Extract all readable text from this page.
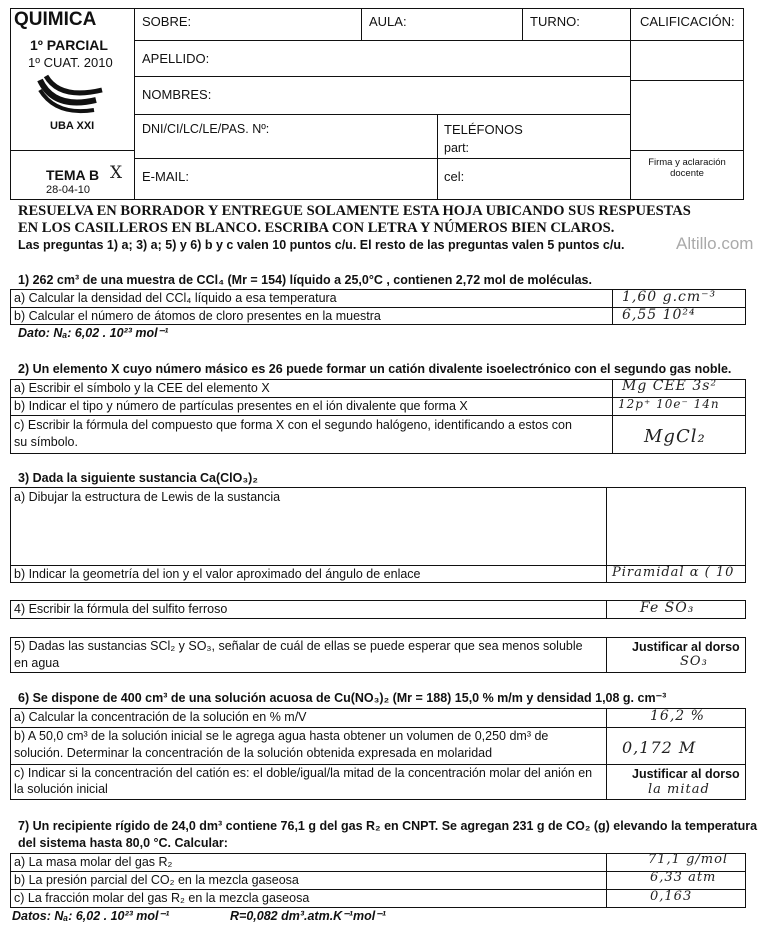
QUIMICA
1º PARCIAL
1º CUAT. 2010
UBA XXI
TEMA B X
28-04-10
SOBRE:	AULA:	TURNO:	CALIFICACIÓN:
APELLIDO:
NOMBRES:
DNI/CI/LC/LE/PAS. Nº:	TELÉFONOS
part:
E-MAIL:	cel:
Firma y aclaración docente
RESUELVA EN BORRADOR Y ENTREGUE SOLAMENTE ESTA HOJA UBICANDO SUS RESPUESTAS
EN LOS CASILLEROS EN BLANCO. ESCRIBA CON LETRA Y NÚMEROS BIEN CLAROS.
Las preguntas 1) a; 3) a; 5) y 6) b y c valen 10 puntos c/u. El resto de las preguntas valen 5 puntos c/u.	Altillo.com
1) 262 cm³ de una muestra de CCl₄ (Mr = 154) líquido a 25,0°C , contienen 2,72 mol de moléculas.
a) Calcular la densidad del CCl₄ líquido a esa temperatura	1,60 g.cm⁻³
b) Calcular el número de átomos de cloro presentes en la muestra	6,55 10²⁴
Dato: Nₐ: 6,02 . 10²³ mol⁻¹
2) Un elemento X cuyo número másico es 26 puede formar un catión divalente isoelectrónico con el segundo gas noble.
a) Escribir el símbolo y la CEE del elemento X	Mg CEE 3s²
b) Indicar el tipo y número de partículas presentes en el ión divalente que forma X	12p⁺ 10e⁻ 14n
c) Escribir la fórmula del compuesto que forma X con el segundo halógeno, identificando a estos con
su símbolo.	MgCl₂
3) Dada la siguiente sustancia Ca(ClO₃)₂
a) Dibujar la estructura de Lewis de la sustancia
b) Indicar la geometría del ion y el valor aproximado del ángulo de enlace	Piramidal α ( 10
4) Escribir la fórmula del sulfito ferroso	Fe SO₃
5) Dadas las sustancias SCl₂ y SO₃, señalar de cuál de ellas se puede esperar que sea menos soluble
en agua
Justificar al dorso
SO₃
6) Se dispone de 400 cm³ de una solución acuosa de Cu(NO₃)₂ (Mr = 188) 15,0 % m/m y densidad 1,08 g. cm⁻³
a) Calcular la concentración de la solución en % m/V	16,2 %
b) A 50,0 cm³ de la solución inicial se le agrega agua hasta obtener un volumen de 0,250 dm³ de
solución. Determinar la concentración de la solución obtenida expresada en molaridad	0,172 M
c) Indicar si la concentración del catión es: el doble/igual/la mitad de la concentración molar del anión en
la solución inicial
Justificar al dorso
la mitad
7) Un recipiente rígido de 24,0 dm³ contiene 76,1 g del gas R₂ en CNPT. Se agregan 231 g de CO₂ (g) elevando la temperatura
del sistema hasta 80,0 °C. Calcular:
a) La masa molar del gas R₂	71,1 g/mol
b) La presión parcial del CO₂ en la mezcla gaseosa	6,33 atm
c) La fracción molar del gas R₂ en la mezcla gaseosa	0,163
Datos: Nₐ: 6,02 . 10²³ mol⁻¹	R=0,082 dm³.atm.K⁻¹mol⁻¹
